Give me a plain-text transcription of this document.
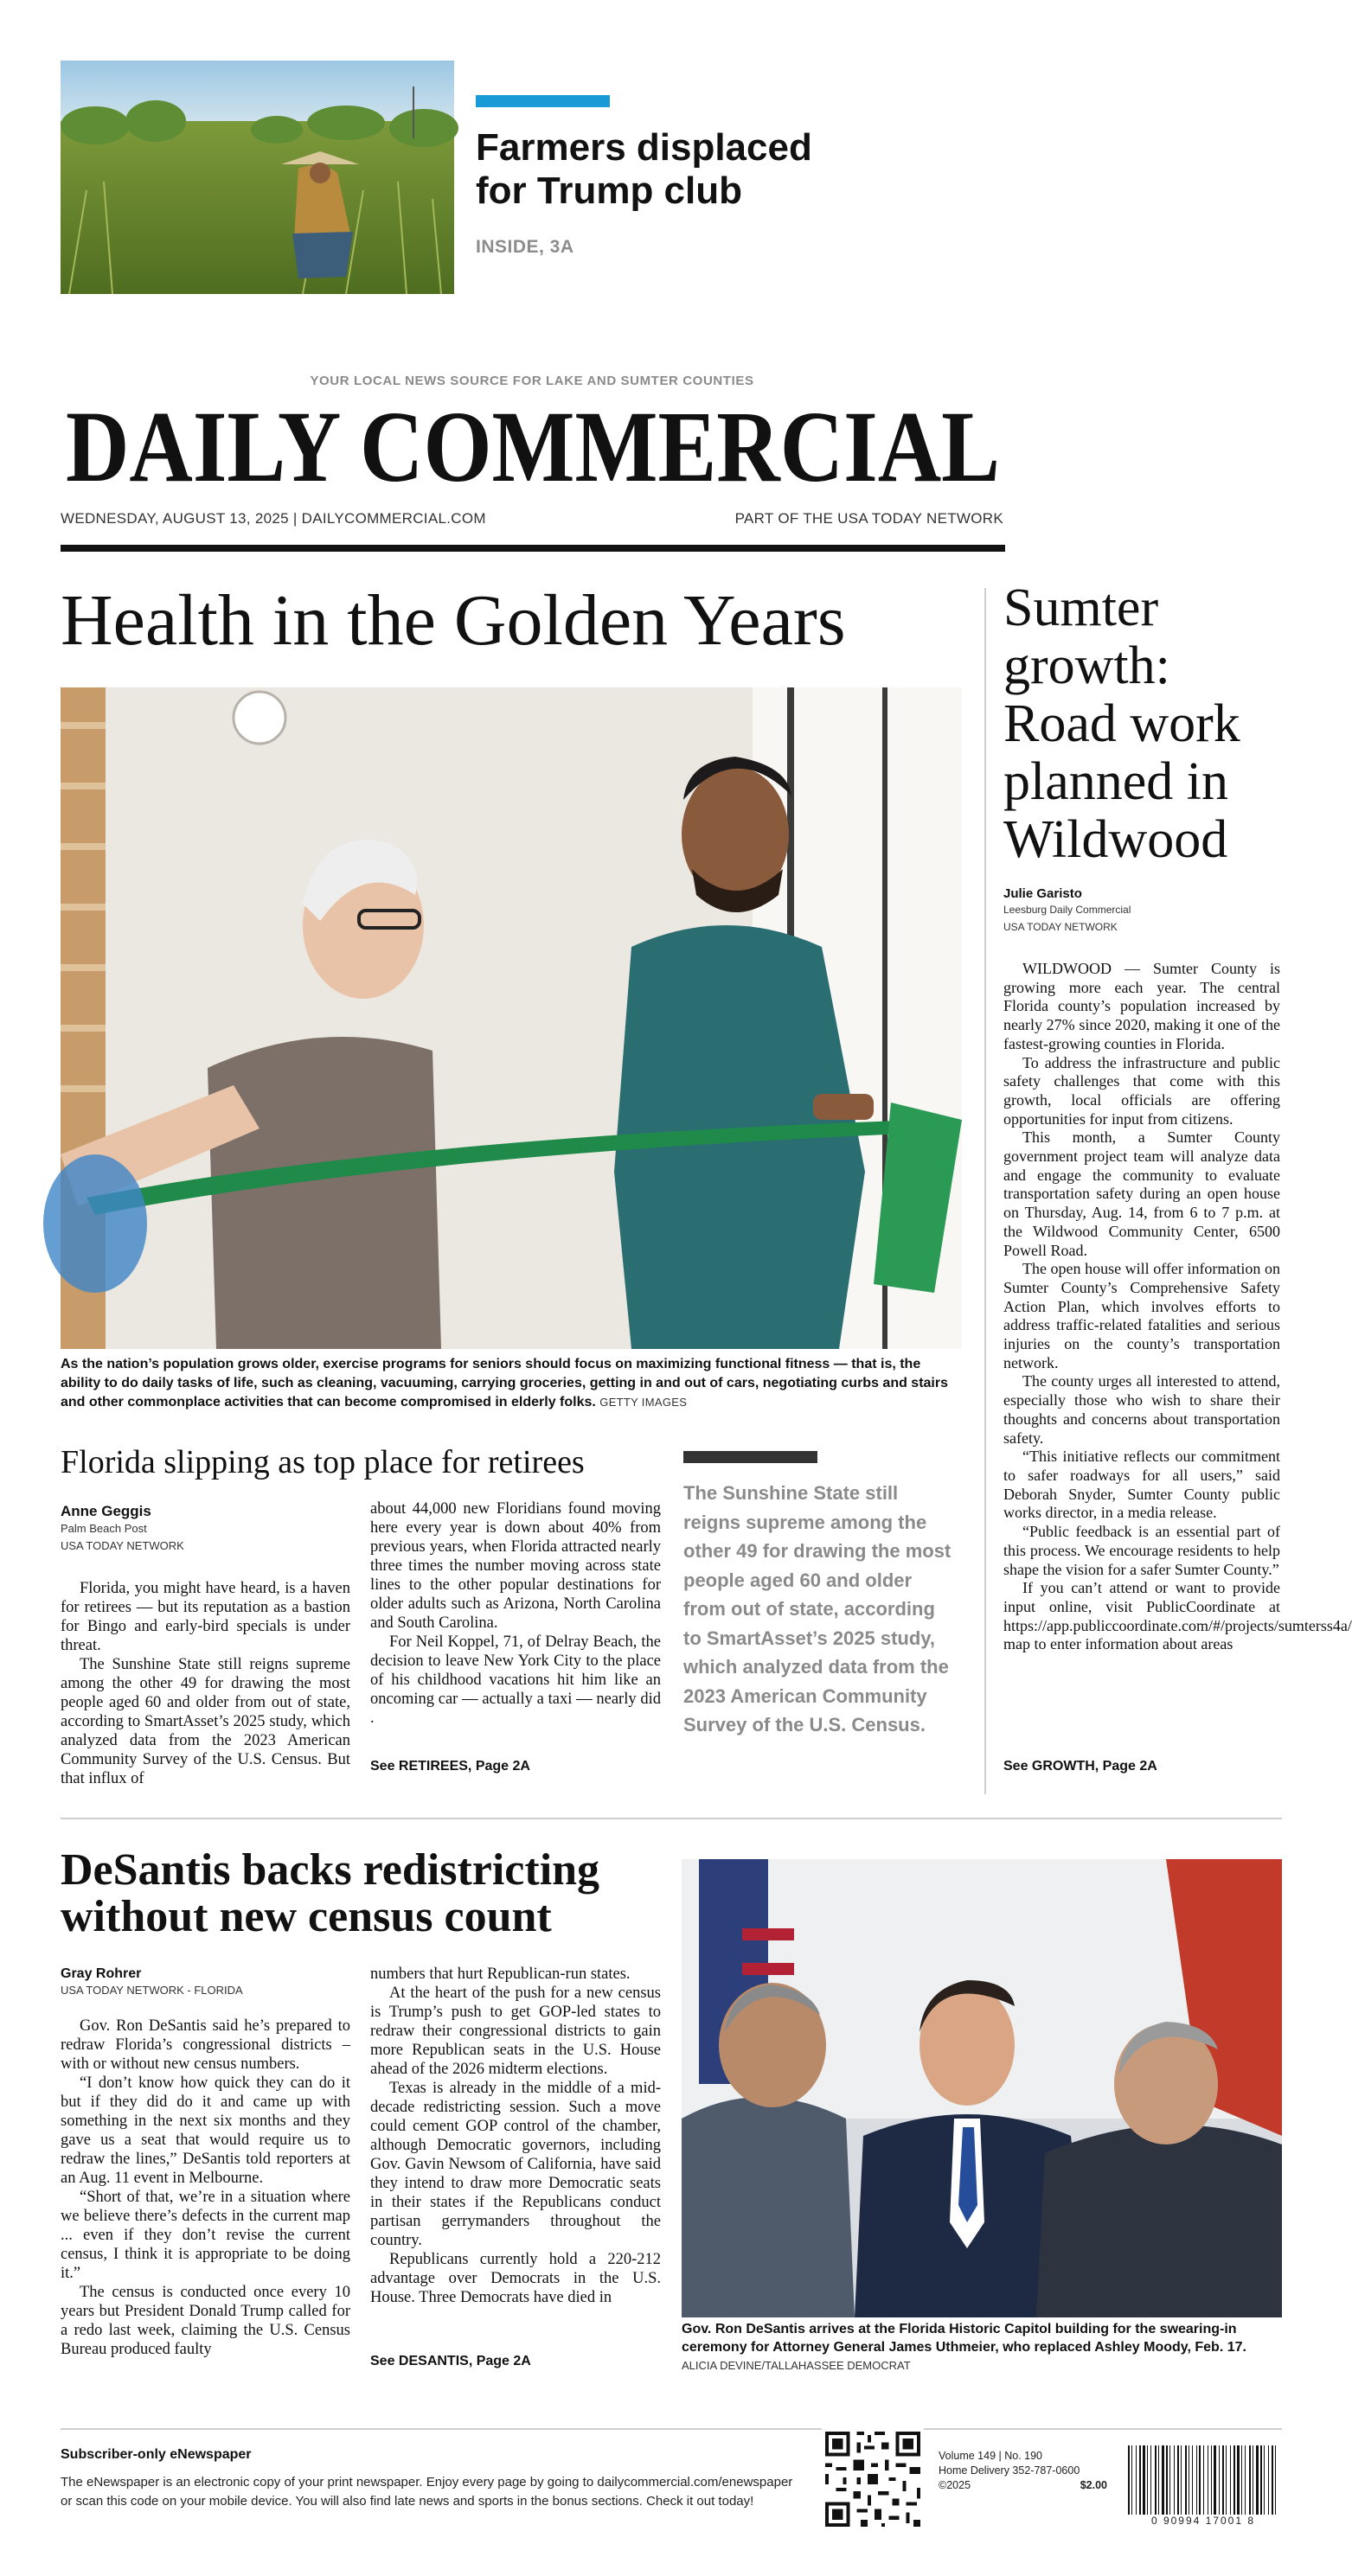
Farmers displaced for Trump club
INSIDE, 3A
YOUR LOCAL NEWS SOURCE FOR LAKE AND SUMTER COUNTIES
DAILY COMMERCIAL
WEDNESDAY, AUGUST 13, 2025 | DAILYCOMMERCIAL.COM	PART OF THE USA TODAY NETWORK
Health in the Golden Years
As the nation’s population grows older, exercise programs for seniors should focus on maximizing functional fitness — that is, the ability to do daily tasks of life, such as cleaning, vacuuming, carrying groceries, getting in and out of cars, negotiating curbs and stairs and other commonplace activities that can become compromised in elderly folks. GETTY IMAGES
Florida slipping as top place for retirees
Anne Geggis
Palm Beach Post
USA TODAY NETWORK

Florida, you might have heard, is a haven for retirees — but its reputation as a bastion for Bingo and early-bird specials is under threat.

The Sunshine State still reigns supreme among the other 49 for drawing the most people aged 60 and older from out of state, according to SmartAsset’s 2025 study, which analyzed data from the 2023 American Community Survey of the U.S. Census. But that influx of

about 44,000 new Floridians found moving here every year is down about 40% from previous years, when Florida attracted nearly three times the number moving across state lines to the other popular destinations for older adults such as Arizona, North Carolina and South Carolina.

For Neil Koppel, 71, of Delray Beach, the decision to leave New York City to the place of his childhood vacations hit him like an oncoming car — actually a taxi — nearly did .

See RETIREES, Page 2A
The Sunshine State still reigns supreme among the other 49 for drawing the most people aged 60 and older from out of state, according to SmartAsset’s 2025 study, which analyzed data from the 2023 American Community Survey of the U.S. Census.
Sumter growth: Road work planned in Wildwood
Julie Garisto
Leesburg Daily Commercial
USA TODAY NETWORK

WILDWOOD — Sumter County is growing more each year. The central Florida county’s population increased by nearly 27% since 2020, making it one of the fastest-growing counties in Florida.

To address the infrastructure and public safety challenges that come with this growth, local officials are offering opportunities for input from citizens.

This month, a Sumter County government project team will analyze data and engage the community to evaluate transportation safety during an open house on Thursday, Aug. 14, from 6 to 7 p.m. at the Wildwood Community Center, 6500 Powell Road.

The open house will offer information on Sumter County’s Comprehensive Safety Action Plan, which involves efforts to address traffic-related fatalities and serious injuries on the county’s transportation network.

The county urges all interested to attend, especially those who wish to share their thoughts and concerns about transportation safety.

“This initiative reflects our commitment to safer roadways for all users,” said Deborah Snyder, Sumter County public works director, in a media release.

“Public feedback is an essential part of this process. We encourage residents to help shape the vision for a safer Sumter County.”

If you can’t attend or want to provide input online, visit PublicCoordinate at https://app.publiccoordinate.com/#/projects/sumterss4a/ map to enter information about areas

See GROWTH, Page 2A
DeSantis backs redistricting without new census count
Gray Rohrer
USA TODAY NETWORK - FLORIDA

Gov. Ron DeSantis said he’s prepared to redraw Florida’s congressional districts – with or without new census numbers.

“I don’t know how quick they can do it but if they did do it and came up with something in the next six months and they gave us a seat that would require us to redraw the lines,” DeSantis told reporters at an Aug. 11 event in Melbourne.

“Short of that, we’re in a situation where we believe there’s defects in the current map ... even if they don’t revise the current census, I think it is appropriate to be doing it.”

The census is conducted once every 10 years but President Donald Trump called for a redo last week, claiming the U.S. Census Bureau produced faulty

numbers that hurt Republican-run states.

At the heart of the push for a new census is Trump’s push to get GOP-led states to redraw their congressional districts to gain more Republican seats in the U.S. House ahead of the 2026 midterm elections.

Texas is already in the middle of a mid-decade redistricting session. Such a move could cement GOP control of the chamber, although Democratic governors, including Gov. Gavin Newsom of California, have said they intend to draw more Democratic seats in their states if the Republicans conduct partisan gerrymanders throughout the country.

Republicans currently hold a 220-212 advantage over Democrats in the U.S. House. Three Democrats have died in

See DESANTIS, Page 2A
Gov. Ron DeSantis arrives at the Florida Historic Capitol building for the swearing-in ceremony for Attorney General James Uthmeier, who replaced Ashley Moody, Feb. 17. ALICIA DEVINE/TALLAHASSEE DEMOCRAT
Subscriber-only eNewspaper
The eNewspaper is an electronic copy of your print newspaper. Enjoy every page by going to dailycommercial.com/enewspaper or scan this code on your mobile device. You will also find late news and sports in the bonus sections. Check it out today!
Volume 149 | No. 190
Home Delivery 352-787-0600
©2025	$2.00
0 90994 17001 8
